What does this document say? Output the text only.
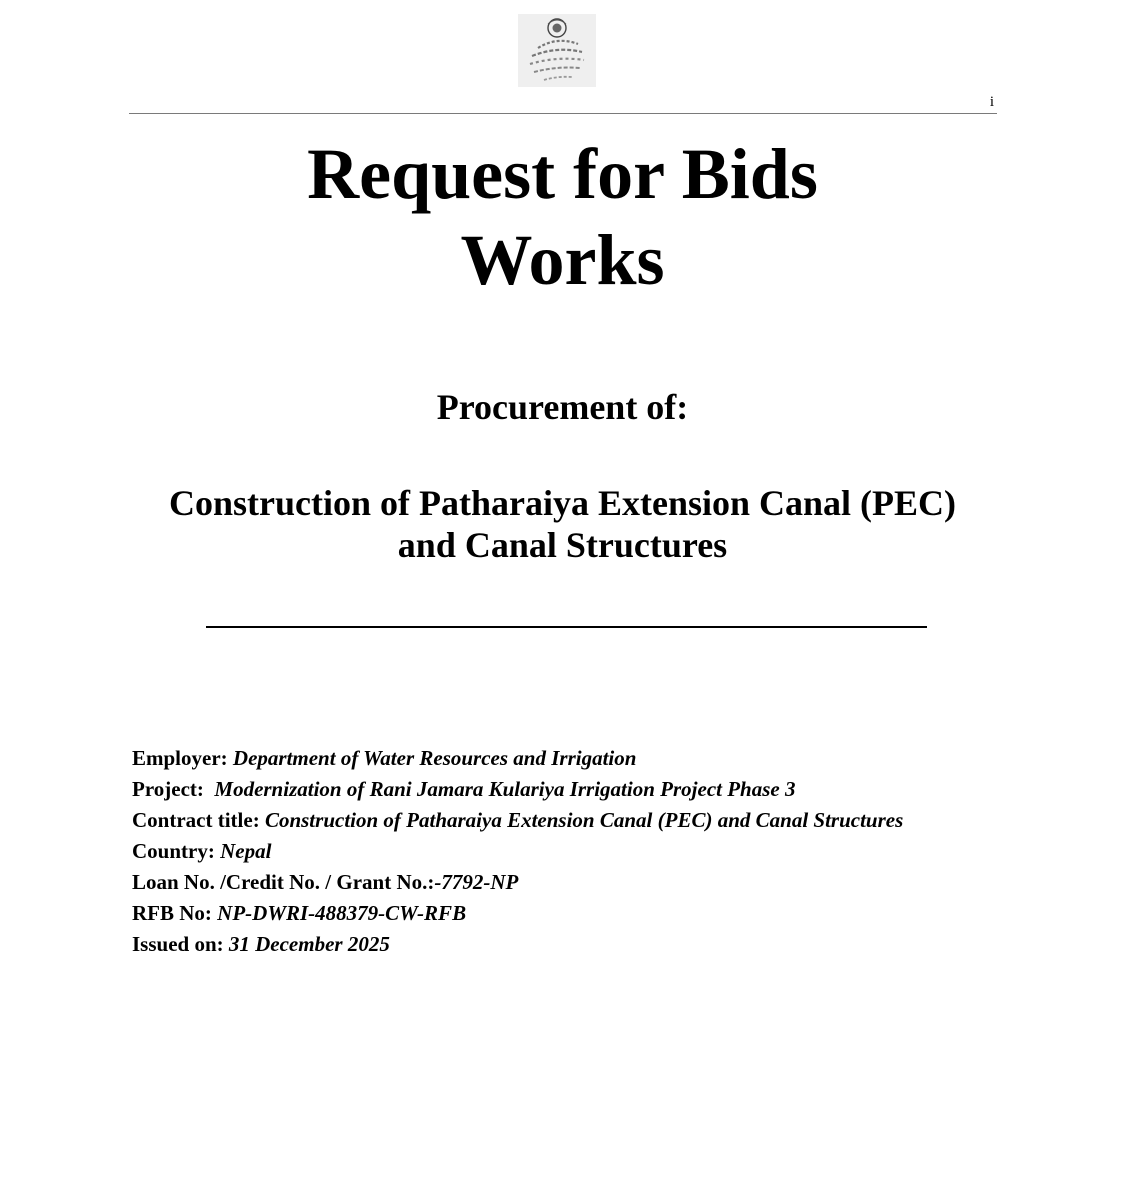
i
Request for Bids
Works
Procurement of:
Construction of Patharaiya Extension Canal (PEC)
and Canal Structures
Employer: Department of Water Resources and Irrigation
Project:  Modernization of Rani Jamara Kulariya Irrigation Project Phase 3
Contract title: Construction of Patharaiya Extension Canal (PEC) and Canal Structures
Country: Nepal
Loan No. /Credit No. / Grant No.:-7792-NP
RFB No: NP-DWRI-488379-CW-RFB
Issued on: 31 December 2025
